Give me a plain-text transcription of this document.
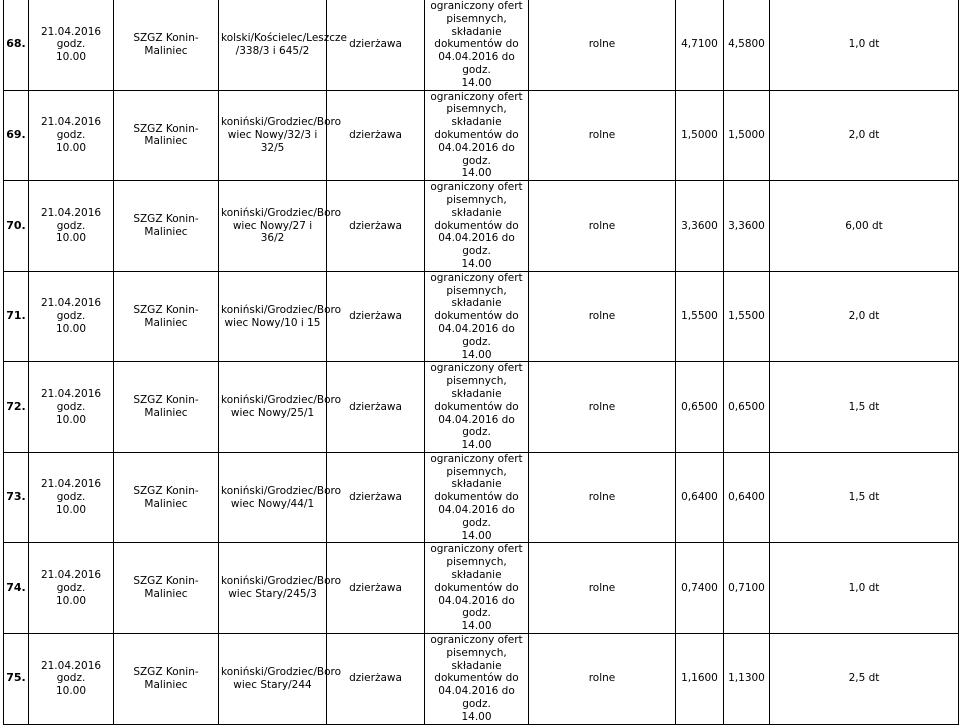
68.	21.04.2016 godz.
10.00	SZGZ Konin- Maliniec	kolski/Kościelec/Leszcze
/338/3 i 645/2	dzierżawa	ograniczony ofert
pisemnych, składanie
dokumentów do
04.04.2016 do godz.
14.00	rolne	4,7100	4,5800	1,0 dt
69.	21.04.2016 godz.
10.00	SZGZ Konin- Maliniec	koniński/Grodziec/Boro
wiec Nowy/32/3 i 32/5	dzierżawa	ograniczony ofert
pisemnych, składanie
dokumentów do
04.04.2016 do godz.
14.00	rolne	1,5000	1,5000	2,0 dt
70.	21.04.2016 godz.
10.00	SZGZ Konin- Maliniec	koniński/Grodziec/Boro
wiec Nowy/27 i 36/2	dzierżawa	ograniczony ofert
pisemnych, składanie
dokumentów do
04.04.2016 do godz.
14.00	rolne	3,3600	3,3600	6,00 dt
71.	21.04.2016 godz.
10.00	SZGZ Konin- Maliniec	koniński/Grodziec/Boro
wiec Nowy/10 i 15	dzierżawa	ograniczony ofert
pisemnych, składanie
dokumentów do
04.04.2016 do godz.
14.00	rolne	1,5500	1,5500	2,0 dt
72.	21.04.2016 godz.
10.00	SZGZ Konin- Maliniec	koniński/Grodziec/Boro
wiec Nowy/25/1	dzierżawa	ograniczony ofert
pisemnych, składanie
dokumentów do
04.04.2016 do godz.
14.00	rolne	0,6500	0,6500	1,5 dt
73.	21.04.2016 godz.
10.00	SZGZ Konin- Maliniec	koniński/Grodziec/Boro
wiec Nowy/44/1	dzierżawa	ograniczony ofert
pisemnych, składanie
dokumentów do
04.04.2016 do godz.
14.00	rolne	0,6400	0,6400	1,5 dt
74.	21.04.2016 godz.
10.00	SZGZ Konin- Maliniec	koniński/Grodziec/Boro
wiec Stary/245/3	dzierżawa	ograniczony ofert
pisemnych, składanie
dokumentów do
04.04.2016 do godz.
14.00	rolne	0,7400	0,7100	1,0 dt
75.	21.04.2016 godz.
10.00	SZGZ Konin- Maliniec	koniński/Grodziec/Boro
wiec Stary/244	dzierżawa	ograniczony ofert
pisemnych, składanie
dokumentów do
04.04.2016 do godz.
14.00	rolne	1,1600	1,1300	2,5 dt
